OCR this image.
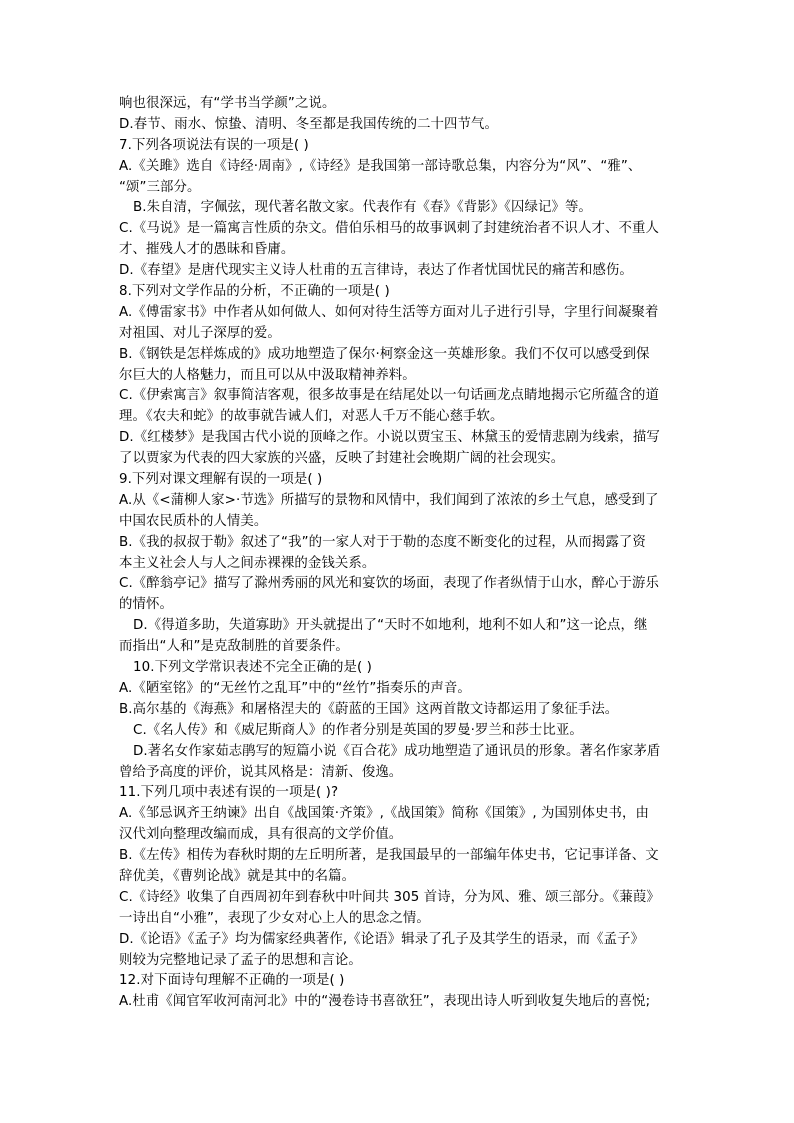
响也很深远，有“学书当学颜”之说。
D.春节、雨水、惊蛰、清明、冬至都是我国传统的二十四节气。
7.下列各项说法有误的一项是( )
A.《关雎》选自《诗经·周南》,《诗经》是我国第一部诗歌总集，内容分为“风”、“雅”、
“颂”三部分。
B.朱自清，字佩弦，现代著名散文家。代表作有《春》《背影》《囚绿记》等。
C.《马说》是一篇寓言性质的杂文。借伯乐相马的故事讽刺了封建统治者不识人才、不重人
才、摧残人才的愚昧和昏庸。
D.《春望》是唐代现实主义诗人杜甫的五言律诗，表达了作者忧国忧民的痛苦和感伤。
8.下列对文学作品的分析，不正确的一项是( )
A.《傅雷家书》中作者从如何做人、如何对待生活等方面对儿子进行引导，字里行间凝聚着
对祖国、对儿子深厚的爱。
B.《钢铁是怎样炼成的》成功地塑造了保尔·柯察金这一英雄形象。我们不仅可以感受到保
尔巨大的人格魅力，而且可以从中汲取精神养料。
C.《伊索寓言》叙事简洁客观，很多故事是在结尾处以一句话画龙点睛地揭示它所蕴含的道
理。《农夫和蛇》的故事就告诫人们，对恶人千万不能心慈手软。
D.《红楼梦》是我国古代小说的顶峰之作。小说以贾宝玉、林黛玉的爱情悲剧为线索，描写
了以贾家为代表的四大家族的兴盛，反映了封建社会晚期广阔的社会现实。
9.下列对课文理解有误的一项是( )
A.从《<蒲柳人家>·节选》所描写的景物和风情中，我们闻到了浓浓的乡土气息，感受到了
中国农民质朴的人情美。
B.《我的叔叔于勒》叙述了“我”的一家人对于于勒的态度不断变化的过程，从而揭露了资
本主义社会人与人之间赤裸裸的金钱关系。
C.《醉翁亭记》描写了滁州秀丽的风光和宴饮的场面，表现了作者纵情于山水，醉心于游乐
的情怀。
D.《得道多助，失道寡助》开头就提出了“天时不如地利，地利不如人和”这一论点，继
而指出“人和”是克敌制胜的首要条件。
10.下列文学常识表述不完全正确的是( )
A.《陋室铭》的“无丝竹之乱耳”中的“丝竹”指奏乐的声音。
B.高尔基的《海燕》和屠格涅夫的《蔚蓝的王国》这两首散文诗都运用了象征手法。
C.《名人传》和《威尼斯商人》的作者分别是英国的罗曼·罗兰和莎士比亚。
D.著名女作家茹志鹃写的短篇小说《百合花》成功地塑造了通讯员的形象。著名作家茅盾
曾给予高度的评价，说其风格是：清新、俊逸。
11.下列几项中表述有误的一项是( )?
A.《邹忌讽齐王纳谏》出自《战国策·齐策》,《战国策》简称《国策》, 为国别体史书，由
汉代刘向整理改编而成，具有很高的文学价值。
B.《左传》相传为春秋时期的左丘明所著，是我国最早的一部编年体史书，它记事详备、文
辞优美，《曹刿论战》就是其中的名篇。
C.《诗经》收集了自西周初年到春秋中叶间共 305 首诗，分为风、雅、颂三部分。《蒹葭》
一诗出自“小雅”，表现了少女对心上人的思念之情。
D.《论语》《孟子》均为儒家经典著作,《论语》辑录了孔子及其学生的语录，而《孟子》
则较为完整地记录了孟子的思想和言论。
12.对下面诗句理解不正确的一项是( )
A.杜甫《闻官军收河南河北》中的“漫卷诗书喜欲狂”，表现出诗人听到收复失地后的喜悦;
